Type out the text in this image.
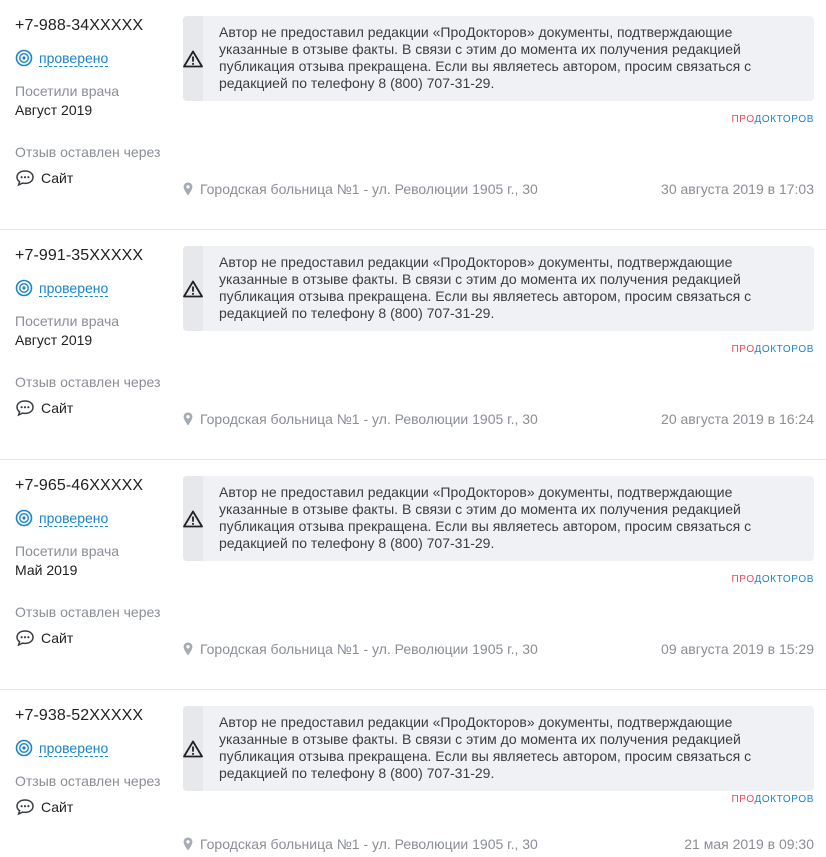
+7-988-34XXXXX
проверено
Посетили врача
Август 2019
Отзыв оставлен через
Сайт
Автор не предоставил редакции «ПроДокторов» документы, подтверждающие указанные в отзыве факты. В связи с этим до момента их получения редакцией публикация отзыва прекращена. Если вы являетесь автором, просим связаться с редакцией по телефону 8 (800) 707-31-29.
ПРОДОКТОРОВ
Городская больница №1 - ул. Революции 1905 г., 30	30 августа 2019 в 17:03
+7-991-35XXXXX
проверено
Посетили врача
Август 2019
Отзыв оставлен через
Сайт
Автор не предоставил редакции «ПроДокторов» документы, подтверждающие указанные в отзыве факты. В связи с этим до момента их получения редакцией публикация отзыва прекращена. Если вы являетесь автором, просим связаться с редакцией по телефону 8 (800) 707-31-29.
ПРОДОКТОРОВ
Городская больница №1 - ул. Революции 1905 г., 30	20 августа 2019 в 16:24
+7-965-46XXXXX
проверено
Посетили врача
Май 2019
Отзыв оставлен через
Сайт
Автор не предоставил редакции «ПроДокторов» документы, подтверждающие указанные в отзыве факты. В связи с этим до момента их получения редакцией публикация отзыва прекращена. Если вы являетесь автором, просим связаться с редакцией по телефону 8 (800) 707-31-29.
ПРОДОКТОРОВ
Городская больница №1 - ул. Революции 1905 г., 30	09 августа 2019 в 15:29
+7-938-52XXXXX
проверено
Отзыв оставлен через
Сайт
Автор не предоставил редакции «ПроДокторов» документы, подтверждающие указанные в отзыве факты. В связи с этим до момента их получения редакцией публикация отзыва прекращена. Если вы являетесь автором, просим связаться с редакцией по телефону 8 (800) 707-31-29.
ПРОДОКТОРОВ
Городская больница №1 - ул. Революции 1905 г., 30	21 мая 2019 в 09:30
